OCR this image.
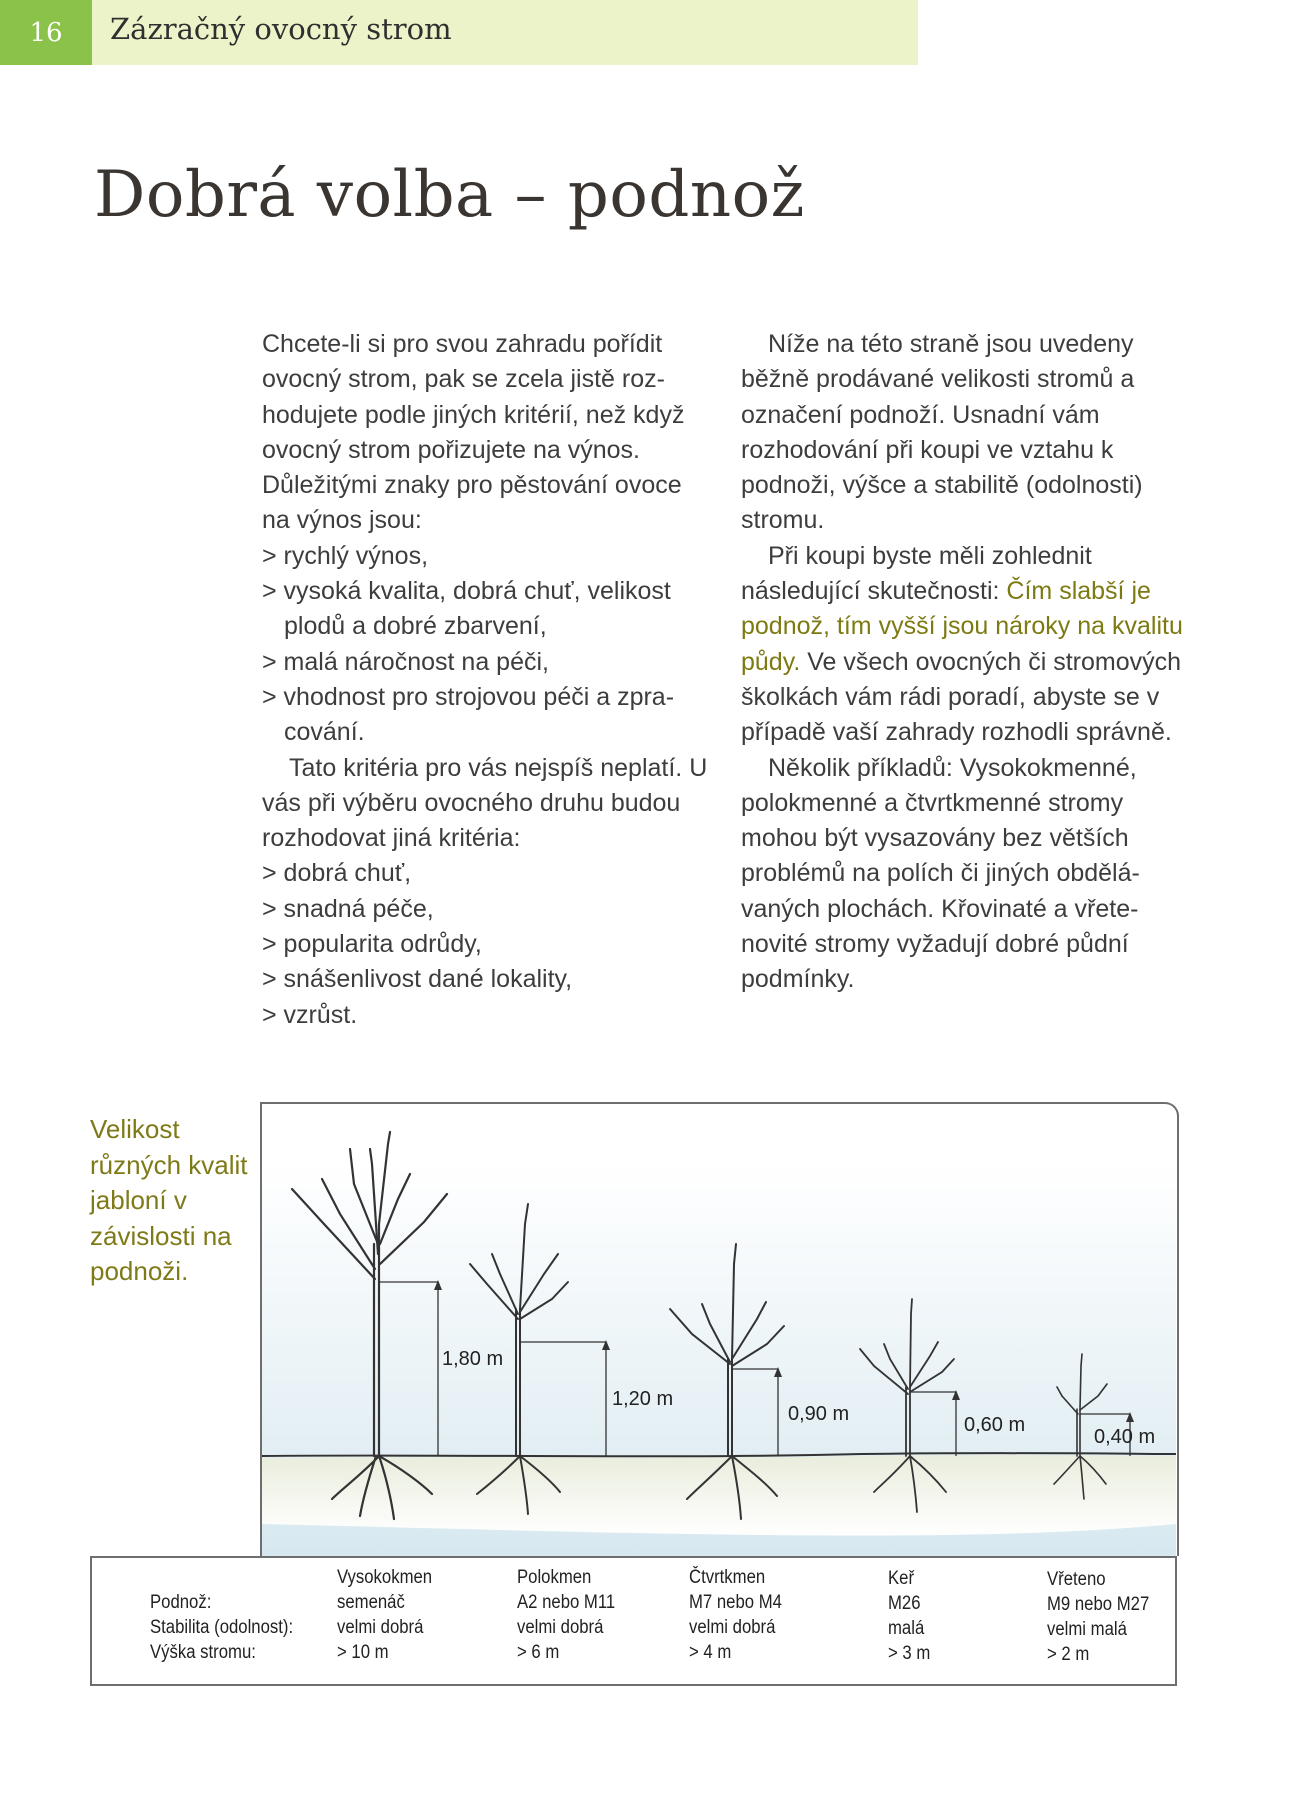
16	Zázračný ovocný strom
Dobrá volba – podnož

Chcete-li si pro svou zahradu pořídit ovocný strom, pak se zcela jistě rozhodujete podle jiných kritérií, než když ovocný strom pořizujete na výnos. Důležitými znaky pro pěstování ovoce na výnos jsou:

> rychlý výnos,

> vysoká kvalita, dobrá chuť, velikost plodů a dobré zbarvení,

> malá náročnost na péči,

> vhodnost pro strojovou péči a zpracování.

Tato kritéria pro vás nejspíš neplatí. U vás při výběru ovocného druhu budou rozhodovat jiná kritéria:

> dobrá chuť,

> snadná péče,

> popularita odrůdy,

> snášenlivost dané lokality,

> vzrůst.

Níže na této straně jsou uvedeny běžně prodávané velikosti stromů a označení podnoží. Usnadní vám rozhodování při koupi ve vztahu k podnoži, výšce a stabilitě (odolnosti) stromu.

Při koupi byste měli zohlednit následující skutečnosti: Čím slabší je podnož, tím vyšší jsou nároky na kvalitu půdy. Ve všech ovocných či stromových školkách vám rádi poradí, abyste se v případě vaší zahrady rozhodli správně.

Několik příkladů: Vysokokmenné, polokmenné a čtvrtkmenné stromy mohou být vysazovány bez větších problémů na polích či jiných obdělávaných plochách. Křovinaté a vřetenovité stromy vyžadují dobré půdní podmínky.

Velikost různých kvalit jabloní v závislosti na podnoži.
1,80 m
1,20 m
0,90 m	0,60 m
0,40 m
Podnož:
Stabilita (odolnost):
Výška stromu:
Vysokokmen
semenáč
velmi dobrá
> 10 m
Polokmen
A2 nebo M11
velmi dobrá
> 6 m
Čtvrtkmen
M7 nebo M4
velmi dobrá
> 4 m
Keř
M26
malá
> 3 m
Vřeteno
M9 nebo M27
velmi malá
> 2 m
